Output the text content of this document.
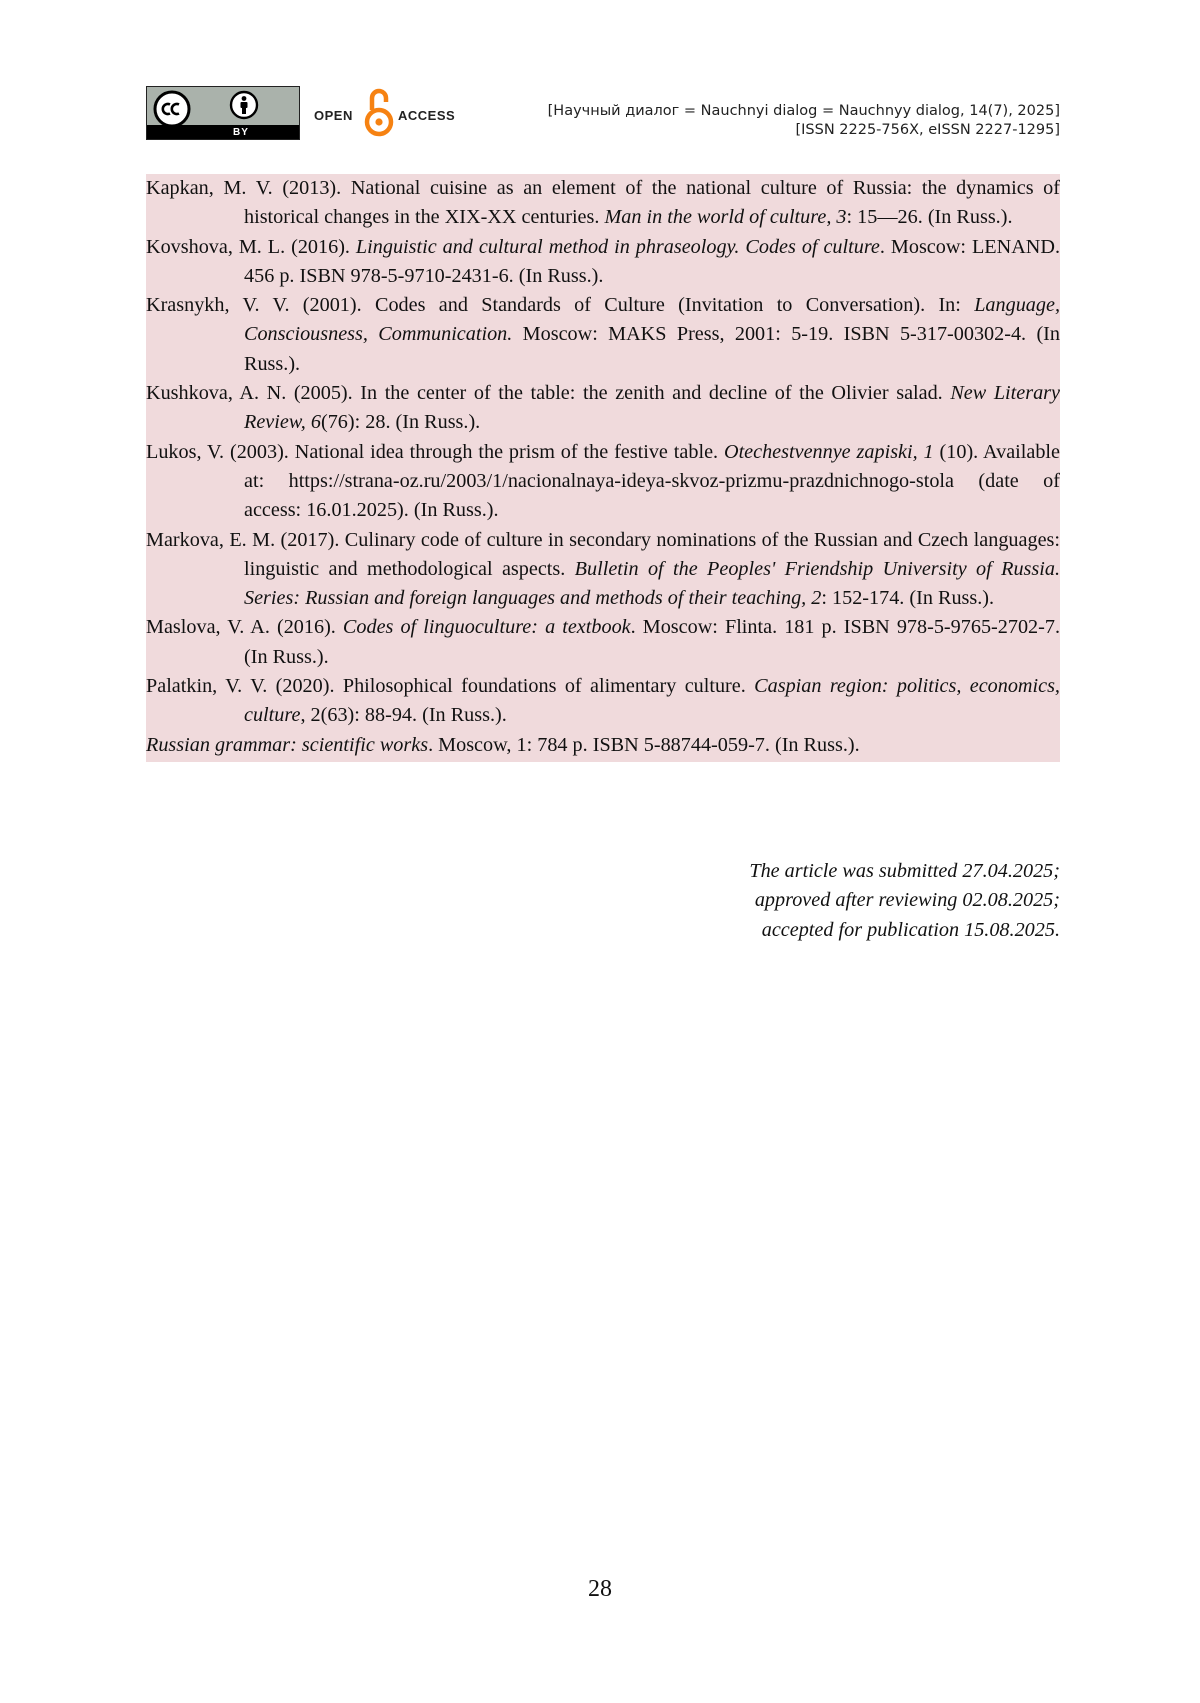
BY
OPEN	ACCESS	[Научный диалог = Nauchnyi dialog = Nauchnyy dialog, 14(7), 2025]
[ISSN 2225-756X, eISSN 2227-1295]

Kapkan, M. V. (2013). National cuisine as an element of the national culture of Russia: the dynamics of historical changes in the XIX-XX centuries. Man in the world of culture, 3: 15—26. (In Russ.).

Kovshova, M. L. (2016). Linguistic and cultural method in phraseology. Codes of culture. Moscow: LENAND. 456 p. ISBN 978-5-9710-2431-6. (In Russ.).

Krasnykh, V. V. (2001). Codes and Standards of Culture (Invitation to Conversation). In: Language, Consciousness, Communication. Moscow: MAKS Press, 2001: 5-19. ISBN 5-317-00302-4. (In Russ.).

Kushkova, A. N. (2005). In the center of the table: the zenith and decline of the Olivier salad. New Literary Review, 6(76): 28. (In Russ.).

Lukos, V. (2003). National idea through the prism of the festive table. Otechestvennye zapiski, 1 (10). Available at: https://strana-oz.ru/2003/1/nacionalnaya-ideya-skvoz-prizmu-prazdnichnogo-stola (date of access: 16.01.2025). (In Russ.).

Markova, E. M. (2017). Culinary code of culture in secondary nominations of the Russian and Czech languages: linguistic and methodological aspects. Bulletin of the Peoples' Friendship University of Russia. Series: Russian and foreign languages and methods of their teaching, 2: 152-174. (In Russ.).

Maslova, V. A. (2016). Codes of linguoculture: a textbook. Moscow: Flinta. 181 p. ISBN 978-5-9765-2702-7. (In Russ.).

Palatkin, V. V. (2020). Philosophical foundations of alimentary culture. Caspian region: politics, economics, culture, 2(63): 88-94. (In Russ.).

Russian grammar: scientific works. Moscow, 1: 784 p. ISBN 5-88744-059-7. (In Russ.).

The article was submitted 27.04.2025;
approved after reviewing 02.08.2025;
accepted for publication 15.08.2025.
28
